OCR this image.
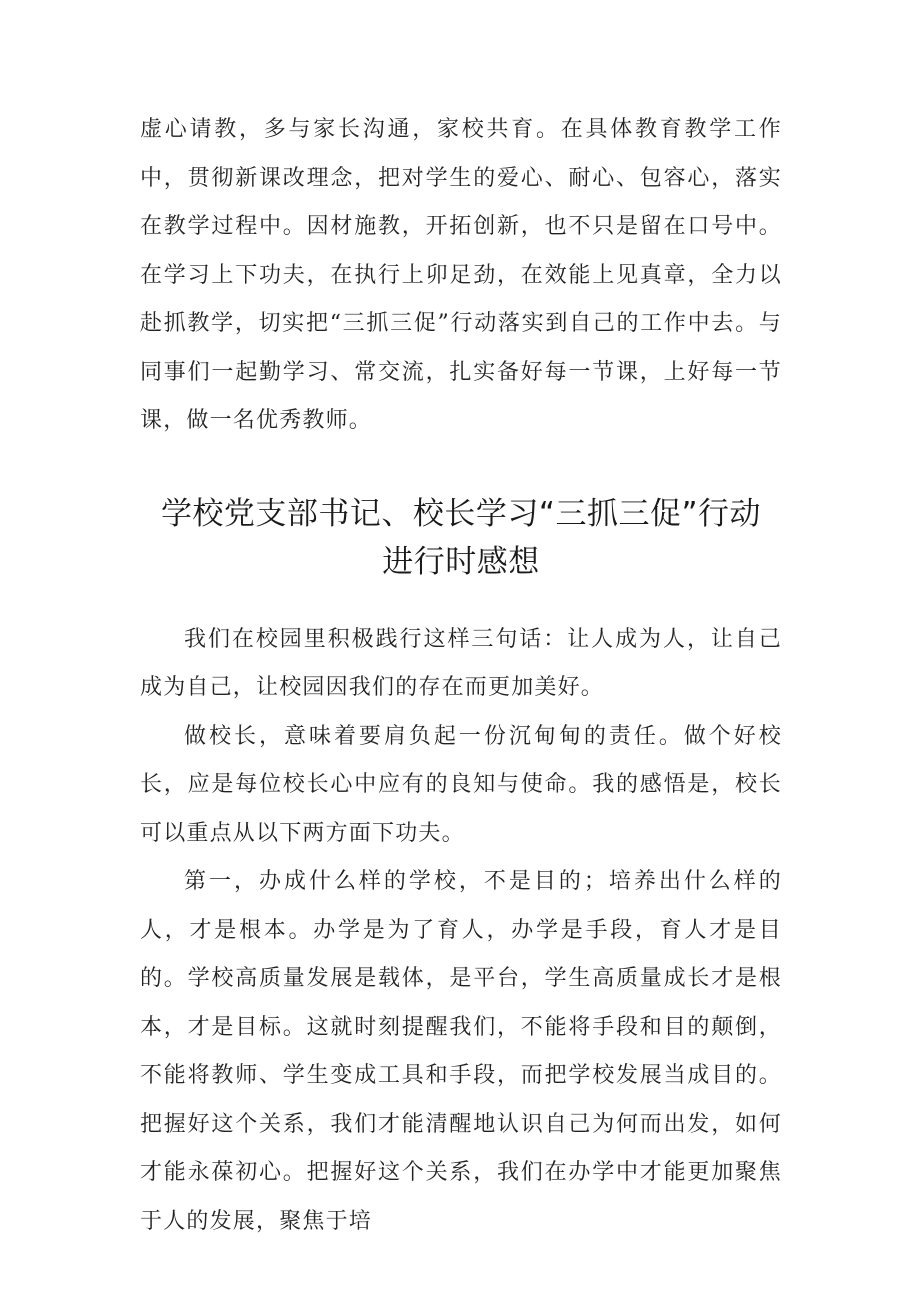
虚心请教，多与家长沟通，家校共育。在具体教育教学工作中，贯彻新课改理念，把对学生的爱心、耐心、包容心，落实在教学过程中。因材施教，开拓创新，也不只是留在口号中。在学习上下功夫，在执行上卯足劲，在效能上见真章，全力以赴抓教学，切实把“三抓三促”行动落实到自己的工作中去。与同事们一起勤学习、常交流，扎实备好每一节课，上好每一节课，做一名优秀教师。

学校党支部书记、校长学习“三抓三促”行动
进行时感想

我们在校园里积极践行这样三句话：让人成为人，让自己成为自己，让校园因我们的存在而更加美好。

做校长，意味着要肩负起一份沉甸甸的责任。做个好校长，应是每位校长心中应有的良知与使命。我的感悟是，校长可以重点从以下两方面下功夫。

第一，办成什么样的学校，不是目的；培养出什么样的人，才是根本。办学是为了育人，办学是手段，育人才是目的。学校高质量发展是载体，是平台，学生高质量成长才是根本，才是目标。这就时刻提醒我们，不能将手段和目的颠倒，不能将教师、学生变成工具和手段，而把学校发展当成目的。把握好这个关系，我们才能清醒地认识自己为何而出发，如何才能永葆初心。把握好这个关系，我们在办学中才能更加聚焦于人的发展，聚焦于培
